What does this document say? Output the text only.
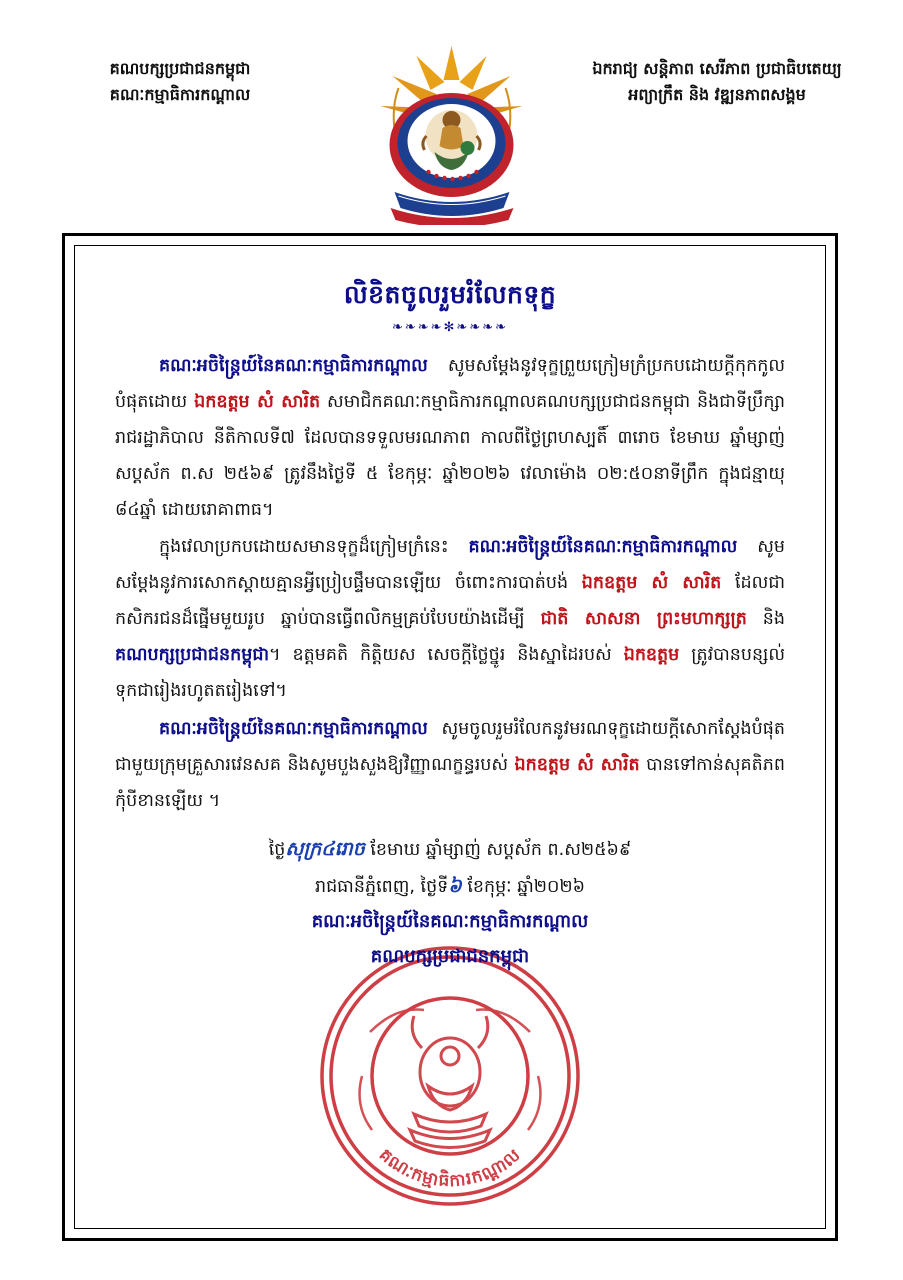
គណបក្សប្រជាជនកម្ពុជា
គណៈកម្មាធិការកណ្ដាល
ឯករាជ្យ សន្តិភាព សេរីភាព ប្រជាធិបតេយ្យ
អព្យាក្រឹត និង វឌ្ឍនភាពសង្គម
លិខិតចូលរួមរំលែកទុក្ខ
❧❧❧❧✻❧❧❧❧

គណៈអចិន្ត្រៃយ៍នៃគណៈកម្មាធិការកណ្ដាល សូមសម្តែងនូវទុក្ខព្រួយក្រៀមក្រំប្រកបដោយក្តីកុកកូលបំផុតដោយ ឯកឧត្តម សំ សារិត សមាជិកគណៈកម្មាធិការកណ្ដាលគណបក្សប្រជាជនកម្ពុជា និងជាទីប្រឹក្សារាជរដ្ឋាភិបាល នីតិកាលទី៧ ដែលបានទទួលមរណភាព កាលពីថ្ងៃព្រហស្បតិ៍ ៣រោច ខែមាឃ ឆ្នាំម្សាញ់ សប្តស័ក ព.ស ២៥៦៩ ត្រូវនឹងថ្ងៃទី ៥ ខែកុម្ភៈ ឆ្នាំ២០២៦ វេលាម៉ោង ០២:៥០នាទីព្រឹក ក្នុងជន្មាយុ ៨៤ឆ្នាំ ដោយរោគាពាធ។

ក្នុងវេលាប្រកបដោយសមានទុក្ខដ៏ក្រៀមក្រំនេះ គណៈអចិន្ត្រៃយ៍នៃគណៈកម្មាធិការកណ្ដាល សូមសម្តែងនូវការសោកស្តាយគ្មានអ្វីប្រៀបផ្ទឹមបានឡើយ ចំពោះការបាត់បង់ ឯកឧត្តម សំ សារិត ដែលជាកសិករជនដ៏ផ្នើមមួយរូប ឆ្នាប់បានធ្វើពលិកម្មគ្រប់បែបយ៉ាងដើម្បី ជាតិ សាសនា ព្រះមហាក្សត្រ និងគណបក្សប្រជាជនកម្ពុជា។ ឧត្តមគតិ កិត្តិយស សេចក្តីថ្លៃថ្នូរ និងស្នាដៃរបស់ ឯកឧត្តម ត្រូវបានបន្សល់ទុកជារៀងរហូតតរៀងទៅ។

គណៈអចិន្ត្រៃយ៍នៃគណៈកម្មាធិការកណ្ដាល សូមចូលរួមរំលែកនូវមរណទុក្ខដោយក្តីសោកស្តែងបំផុតជាមួយក្រុមគ្រួសារវេនសគ និងសូមបួងសួងឱ្យវិញ្ញាណក្ខន្ធរបស់ ឯកឧត្តម សំ សារិត បានទៅកាន់សុគតិភពកុំបីខានឡើយ ។

គណៈកម្មាធិការកណ្ដាល
ថ្ងៃសុក្រ៤រោច ខែមាឃ ឆ្នាំម្សាញ់ សប្តស័ក ព.ស២៥៦៩
រាជធានីភ្នំពេញ, ថ្ងៃទី៦ ខែកុម្ភៈ ឆ្នាំ២០២៦
គណៈអចិន្ត្រៃយ៍នៃគណៈកម្មាធិការកណ្ដាល
គណបក្សប្រជាជនកម្ពុជា
